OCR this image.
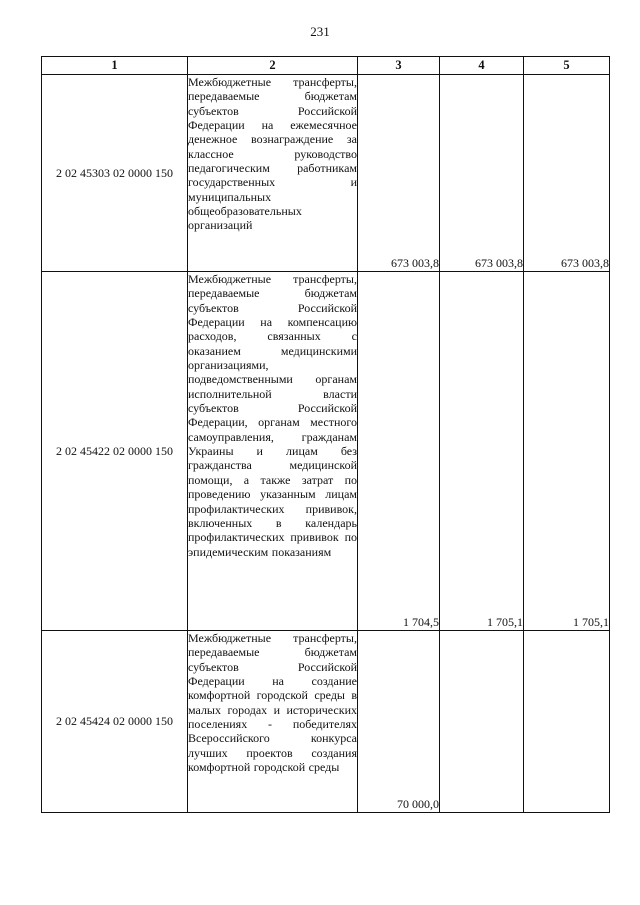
231
1	2	3	4	5
2 02 45303 02 0000 150	Межбюджетные трансферты, передаваемые бюджетам субъектов Российской Федерации на ежемесячное денежное вознаграждение за классное руководство педагогическим работникам государственных и муниципальных общеобразовательных организаций	673 003,8	673 003,8	673 003,8
2 02 45422 02 0000 150	Межбюджетные трансферты, передаваемые бюджетам субъектов Российской Федерации на компенсацию расходов, связанных с оказанием медицинскими организациями, подведомственными органам исполнительной власти субъектов Российской Федерации, органам местного самоуправления, гражданам Украины и лицам без гражданства медицинской помощи, а также затрат по проведению указанным лицам профилактических прививок, включенных в календарь профилактических прививок по эпидемическим показаниям	1 704,5	1 705,1	1 705,1
2 02 45424 02 0000 150	Межбюджетные трансферты, передаваемые бюджетам субъектов Российской Федерации на создание комфортной городской среды в малых городах и исторических поселениях - победителях Всероссийского конкурса лучших проектов создания комфортной городской среды	70 000,0		
